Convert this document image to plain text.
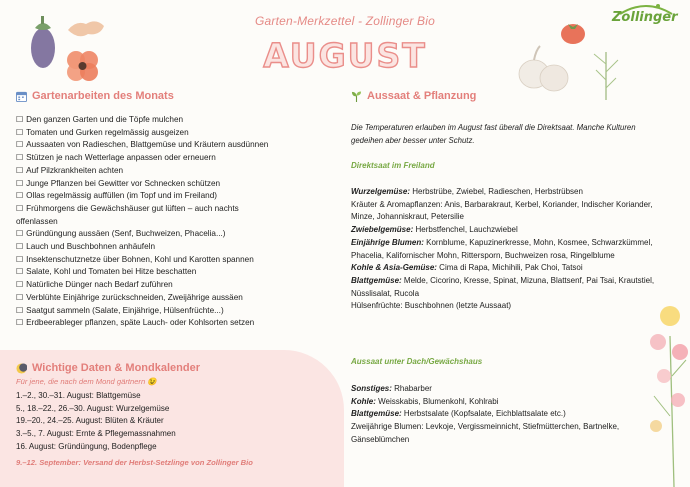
Garten-Merkzettel - Zollinger Bio
AUGUST
Zollinger
Gartenarbeiten des Monats
☐ Den ganzen Garten und die Töpfe mulchen
☐ Tomaten und Gurken regelmässig ausgeizen
☐ Aussaaten von Radieschen, Blattgemüse und Kräutern ausdünnen
☐ Stützen je nach Wetterlage anpassen oder erneuern
☐ Auf Pilzkrankheiten achten
☐ Junge Pflanzen bei Gewitter vor Schnecken schützen
☐ Ollas regelmässig auffüllen (im Topf und im Freiland)
☐ Frühmorgens die Gewächshäuser gut lüften – auch nachts
offenlassen
☐ Gründüngung aussäen (Senf, Buchweizen, Phacelia...)
☐ Lauch und Buschbohnen anhäufeln
☐ Insektenschutznetze über Bohnen, Kohl und Karotten spannen
☐ Salate, Kohl und Tomaten bei Hitze beschatten
☐ Natürliche Dünger nach Bedarf zuführen
☐ Verblühte Einjährige zurückschneiden, Zweijährige aussäen
☐ Saatgut sammeln (Salate, Einjährige, Hülsenfrüchte...)
☐ Erdbeerableger pflanzen, späte Lauch- oder Kohlsorten setzen
Wichtige Daten & Mondkalender
Für jene, die nach dem Mond gärtnern 😉
1.–2., 30.–31. August: Blattgemüse
5., 18.–22., 26.–30. August: Wurzelgemüse
19.–20., 24.–25. August: Blüten & Kräuter
3.–5., 7. August: Ernte & Pflegemassnahmen
16. August: Gründüngung, Bodenpflege
9.–12. September: Versand der Herbst-Setzlinge von Zollinger Bio
Aussaat & Pflanzung
Die Temperaturen erlauben im August fast überall die Direktsaat. Manche Kulturen gedeihen aber besser unter Schutz.
Direktsaat im Freiland

Wurzelgemüse: Herbstrübe, Zwiebel, Radieschen, Herbstrübsen

Kräuter & Aromapflanzen: Anis, Barbarakraut, Kerbel, Koriander, Indischer Koriander, Minze, Johanniskraut, Petersilie

Zwiebelgemüse: Herbstfenchel, Lauchzwiebel

Einjährige Blumen: Kornblume, Kapuzinerkresse, Mohn, Kosmee, Schwarzkümmel, Phacelia, Kalifornischer Mohn, Rittersporn, Buchweizen rosa, Ringelblume

Kohle & Asia-Gemüse: Cima di Rapa, Michihili, Pak Choi, Tatsoi

Blattgemüse: Melde, Cicorino, Kresse, Spinat, Mizuna, Blattsenf, Pai Tsai, Krautstiel, Nüsslisalat, Rucola

Hülsenfrüchte: Buschbohnen (letzte Aussaat)

Aussaat unter Dach/Gewächshaus

Sonstiges: Rhabarber

Kohle: Weisskabis, Blumenkohl, Kohlrabi

Blattgemüse: Herbstsalate (Kopfsalate, Eichblattsalate etc.)

Zweijährige Blumen: Levkoje, Vergissmeinnicht, Stiefmütterchen, Bartnelke, Gänseblümchen
